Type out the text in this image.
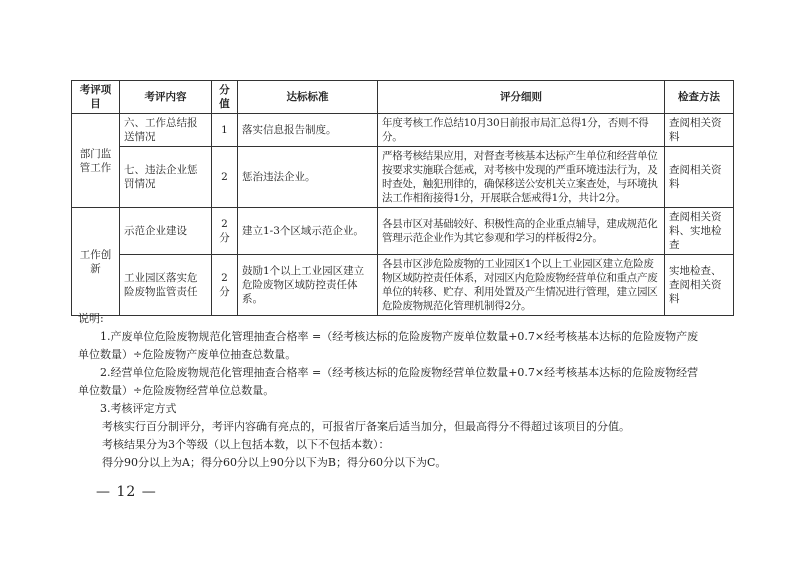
考评项目	考评内容	分值	达标标准	评分细则	检查方法
部门监管工作	六、工作总结报送情况	1	落实信息报告制度。	年度考核工作总结10月30日前报市局汇总得1分，否则不得分。	查阅相关资料
	七、违法企业惩罚情况	2	惩治违法企业。	严格考核结果应用，对督查考核基本达标产生单位和经营单位按要求实施联合惩戒，对考核中发现的严重环境违法行为，及时查处，触犯刑律的，确保移送公安机关立案查处，与环境执法工作相衔接得1分，开展联合惩戒得1分，共计2分。	查阅相关资料
工作创新	示范企业建设	2分	建立1-3个区域示范企业。	各县市区对基础较好、积极性高的企业重点辅导，建成规范化管理示范企业作为其它参观和学习的样板得2分。	查阅相关资料、实地检查
	工业园区落实危险废物监管责任	2分	鼓励1个以上工业园区建立危险废物区域防控责任体系。	各县市区涉危险废物的工业园区1个以上工业园区建立危险废物区域防控责任体系，对园区内危险废物经营单位和重点产废单位的转移、贮存、利用处置及产生情况进行管理，建立园区危险废物规范化管理机制得2分。	实地检查、查阅相关资料
说明:
1.产废单位危险废物规范化管理抽查合格率 =（经考核达标的危险废物产废单位数量+0.7×经考核基本达标的危险废物产废
单位数量）÷危险废物产废单位抽查总数量。
2.经营单位危险废物规范化管理抽查合格率 =（经考核达标的危险废物经营单位数量+0.7×经考核基本达标的危险废物经营
单位数量）÷危险废物经营单位总数量。
3.考核评定方式
考核实行百分制评分，考评内容确有亮点的，可报省厅备案后适当加分，但最高得分不得超过该项目的分值。
考核结果分为3个等级（以上包括本数，以下不包括本数）：
得分90分以上为A；得分60分以上90分以下为B；得分60分以下为C。
— 12 —
